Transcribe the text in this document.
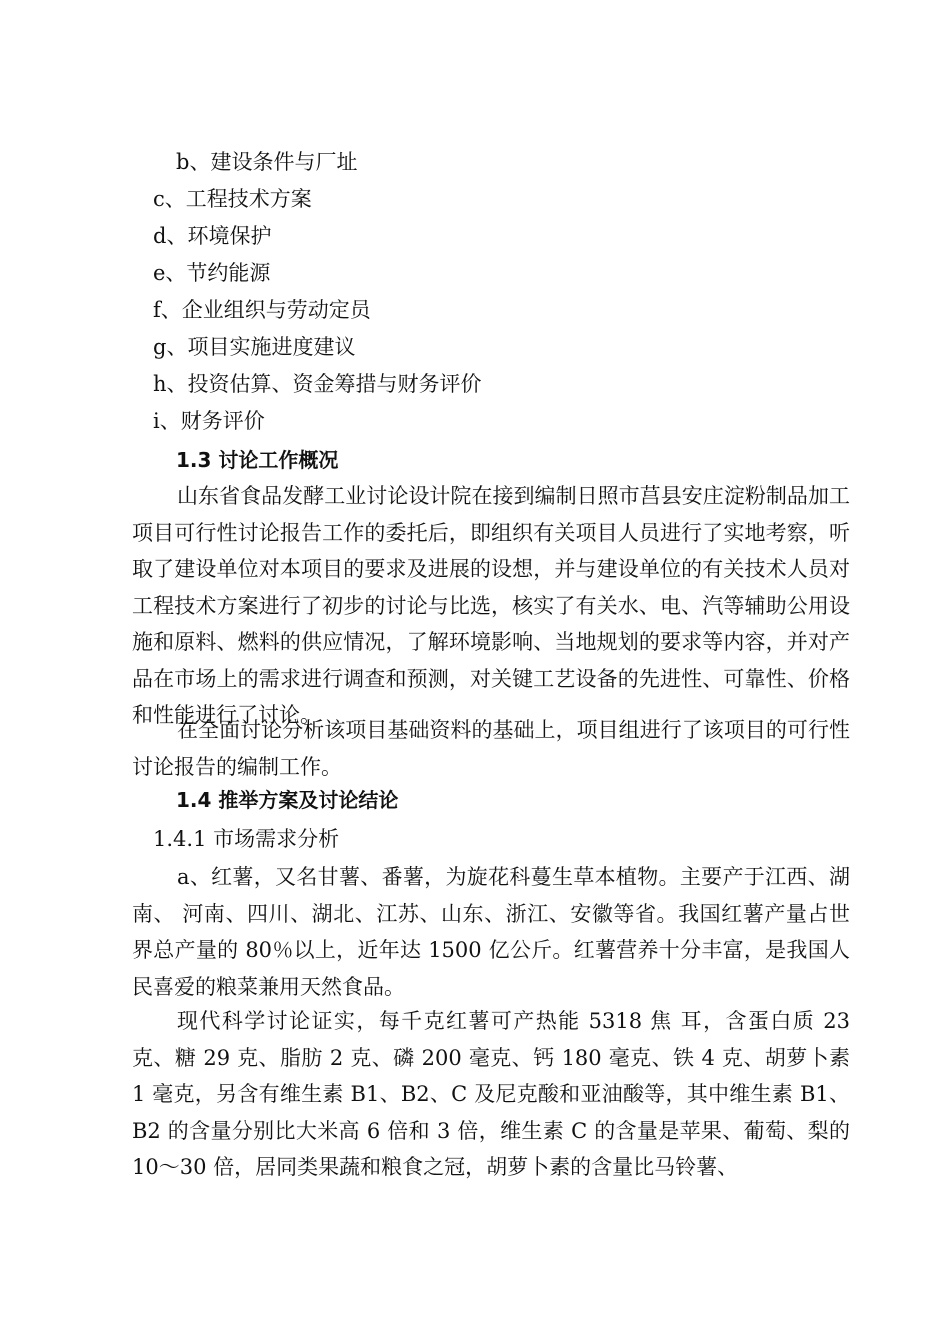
b、建设条件与厂址
c、工程技术方案
d、环境保护
e、节约能源
f、企业组织与劳动定员
g、项目实施进度建议
h、投资估算、资金筹措与财务评价
i、财务评价
1.3 讨论工作概况

山东省食品发酵工业讨论设计院在接到编制日照市莒县安庄淀粉制品加工项目可行性讨论报告工作的委托后，即组织有关项目人员进行了实地考察，听取了建设单位对本项目的要求及进展的设想，并与建设单位的有关技术人员对工程技术方案进行了初步的讨论与比选，核实了有关水、电、汽等辅助公用设施和原料、燃料的供应情况，了解环境影响、当地规划的要求等内容，并对产品在市场上的需求进行调查和预测，对关键工艺设备的先进性、可靠性、价格和性能进行了讨论。

在全面讨论分析该项目基础资料的基础上，项目组进行了该项目的可行性讨论报告的编制工作。

1.4 推举方案及讨论结论
1.4.1 市场需求分析

a、红薯，又名甘薯、番薯，为旋花科蔓生草本植物。主要产于江西、湖南、 河南、四川、湖北、江苏、山东、浙江、安徽等省。我国红薯产量占世界总产量的 80％以上，近年达 1500 亿公斤。红薯营养十分丰富，是我国人民喜爱的粮菜兼用天然食品。

现代科学讨论证实，每千克红薯可产热能 5318 焦 耳，含蛋白质 23 克、糖 29 克、脂肪 2 克、磷 200 毫克、钙 180 毫克、铁 4 克、胡萝卜素 1 毫克，另含有维生素 B1、B2、C 及尼克酸和亚油酸等，其中维生素 B1、B2 的含量分别比大米高 6 倍和 3 倍，维生素 C 的含量是苹果、葡萄、梨的 10～30 倍，居同类果蔬和粮食之冠，胡萝卜素的含量比马铃薯、
